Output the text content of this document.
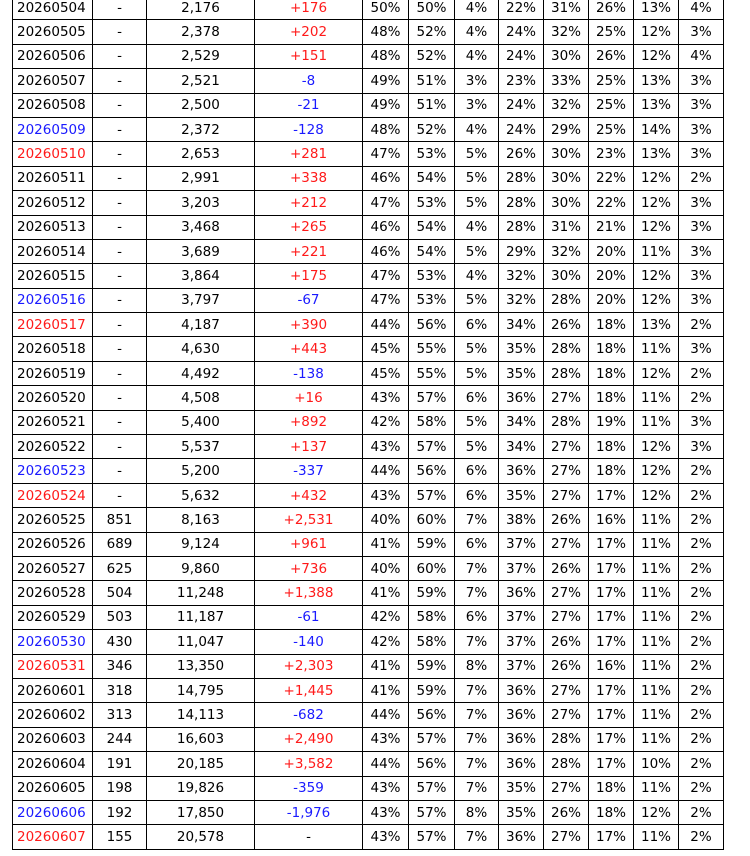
20260504	-	2,176	+176	50%	50%	4%	22%	31%	26%	13%	4%
20260505	-	2,378	+202	48%	52%	4%	24%	32%	25%	12%	3%
20260506	-	2,529	+151	48%	52%	4%	24%	30%	26%	12%	4%
20260507	-	2,521	-8	49%	51%	3%	23%	33%	25%	13%	3%
20260508	-	2,500	-21	49%	51%	3%	24%	32%	25%	13%	3%
20260509	-	2,372	-128	48%	52%	4%	24%	29%	25%	14%	3%
20260510	-	2,653	+281	47%	53%	5%	26%	30%	23%	13%	3%
20260511	-	2,991	+338	46%	54%	5%	28%	30%	22%	12%	2%
20260512	-	3,203	+212	47%	53%	5%	28%	30%	22%	12%	3%
20260513	-	3,468	+265	46%	54%	4%	28%	31%	21%	12%	3%
20260514	-	3,689	+221	46%	54%	5%	29%	32%	20%	11%	3%
20260515	-	3,864	+175	47%	53%	4%	32%	30%	20%	12%	3%
20260516	-	3,797	-67	47%	53%	5%	32%	28%	20%	12%	3%
20260517	-	4,187	+390	44%	56%	6%	34%	26%	18%	13%	2%
20260518	-	4,630	+443	45%	55%	5%	35%	28%	18%	11%	3%
20260519	-	4,492	-138	45%	55%	5%	35%	28%	18%	12%	2%
20260520	-	4,508	+16	43%	57%	6%	36%	27%	18%	11%	2%
20260521	-	5,400	+892	42%	58%	5%	34%	28%	19%	11%	3%
20260522	-	5,537	+137	43%	57%	5%	34%	27%	18%	12%	3%
20260523	-	5,200	-337	44%	56%	6%	36%	27%	18%	12%	2%
20260524	-	5,632	+432	43%	57%	6%	35%	27%	17%	12%	2%
20260525	851	8,163	+2,531	40%	60%	7%	38%	26%	16%	11%	2%
20260526	689	9,124	+961	41%	59%	6%	37%	27%	17%	11%	2%
20260527	625	9,860	+736	40%	60%	7%	37%	26%	17%	11%	2%
20260528	504	11,248	+1,388	41%	59%	7%	36%	27%	17%	11%	2%
20260529	503	11,187	-61	42%	58%	6%	37%	27%	17%	11%	2%
20260530	430	11,047	-140	42%	58%	7%	37%	26%	17%	11%	2%
20260531	346	13,350	+2,303	41%	59%	8%	37%	26%	16%	11%	2%
20260601	318	14,795	+1,445	41%	59%	7%	36%	27%	17%	11%	2%
20260602	313	14,113	-682	44%	56%	7%	36%	27%	17%	11%	2%
20260603	244	16,603	+2,490	43%	57%	7%	36%	28%	17%	11%	2%
20260604	191	20,185	+3,582	44%	56%	7%	36%	28%	17%	10%	2%
20260605	198	19,826	-359	43%	57%	7%	35%	27%	18%	11%	2%
20260606	192	17,850	-1,976	43%	57%	8%	35%	26%	18%	12%	2%
20260607	155	20,578	-	43%	57%	7%	36%	27%	17%	11%	2%
